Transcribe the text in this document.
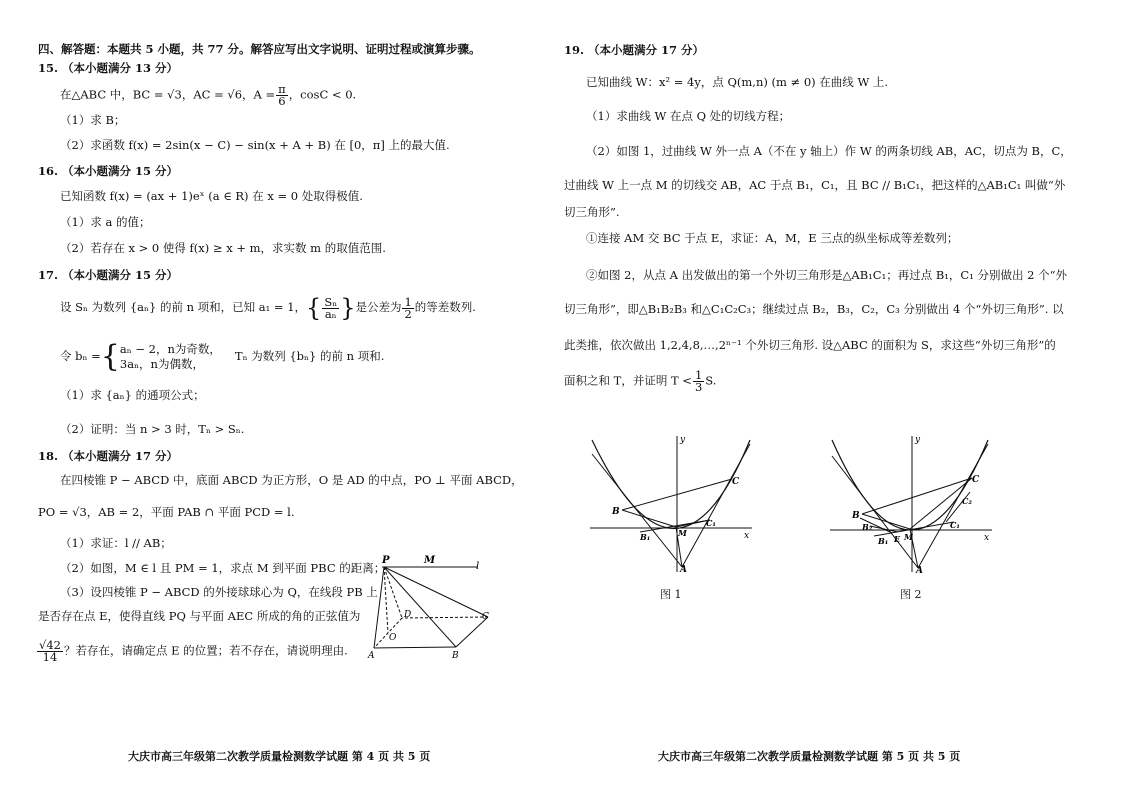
四、解答题：本题共 5 小题，共 77 分。解答应写出文字说明、证明过程或演算步骤。
15. （本小题满分 13 分）
在△ABC 中，BC = √3，AC = √6，$A = \frac{\pi}{6}$ ，cosC < 0.
（1）求 B；
（2）求函数 f(x) = 2sin(x − C) − sin(x + A + B) 在 [0，π] 上的最大值.
16. （本小题满分 15 分）
已知函数 f(x) = (ax + 1)eˣ (a ∈ R) 在 x = 0 处取得极值.
（1）求 a 的值；
（2）若存在 x > 0 使得 f(x) ≥ x + m，求实数 m 的取值范围.
17. （本小题满分 15 分）
设 Sₙ 为数列 {aₙ} 的前 n 项和，已知 a₁ = 1，{ $\frac{\text{Sₙ}}{\text{aₙ}}$ }是公差为 $\frac{1}{2}$ 的等差数列.
令 bₙ ={ aₙ − 2，n为奇数，
3aₙ，n为偶数，
Tₙ 为数列 {bₙ} 的前 n 项和.
（1）求 {aₙ} 的通项公式；
（2）证明：当 n > 3 时，Tₙ > Sₙ.
18. （本小题满分 17 分）
在四棱锥 P − ABCD 中，底面 ABCD 为正方形，O 是 AD 的中点，PO ⊥ 平面 ABCD，
PO = √3，AB = 2，平面 PAB ∩ 平面 PCD = l.
（1）求证：l // AB；
（2）如图，M ∈ l 且 PM = 1，求点 M 到平面 PBC 的距离；
（3）设四棱锥 P − ABCD 的外接球球心为 Q，在线段 PB 上
是否存在点 E，使得直线 PQ 与平面 AEC 所成的角的正弦值为
$\frac{√42}{14}$ ？若存在，请确定点 E 的位置；若不存在，请说明理由.
P	M
l
D	C
O
A	B
大庆市高三年级第二次教学质量检测数学试题 第 4 页 共 5 页
19. （本小题满分 17 分）
已知曲线 W：x² = 4y，点 Q(m,n) (m ≠ 0) 在曲线 W 上.
（1）求曲线 W 在点 Q 处的切线方程；
（2）如图 1，过曲线 W 外一点 A（不在 y 轴上）作 W 的两条切线 AB，AC，切点为 B，C，
过曲线 W 上一点 M 的切线交 AB，AC 于点 B₁，C₁，且 BC // B₁C₁，把这样的△AB₁C₁ 叫做“外
切三角形”.
①连接 AM 交 BC 于点 E，求证：A，M，E 三点的纵坐标成等差数列；
②如图 2，从点 A 出发做出的第一个外切三角形是△AB₁C₁；再过点 B₁，C₁ 分别做出 2 个“外
切三角形”，即△B₁B₂B₃ 和△C₁C₂C₃；继续过点 B₂，B₃，C₂，C₃ 分别做出 4 个“外切三角形”. 以
此类推，依次做出 1,2,4,8,…,2ⁿ⁻¹ 个外切三角形. 设△ABC 的面积为 S，求这些“外切三角形”的
面积之和 T，并证明 $T < \frac{1}{3} S$.
y
x
C
B
B₁	M
C₁
A
图 1
y
x
C
C₂
B
B₂	C₁
B₁ E M
A
图 2
大庆市高三年级第二次教学质量检测数学试题 第 5 页 共 5 页
